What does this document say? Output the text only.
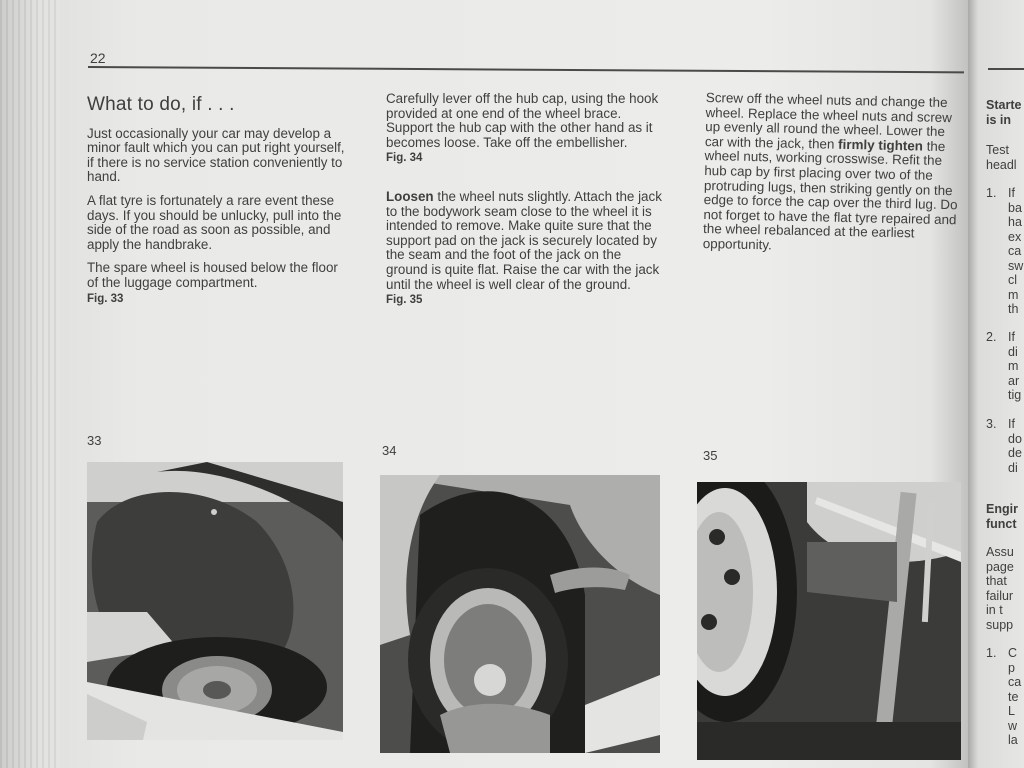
22
What to do, if . . .

Just occasionally your car may develop a minor fault which you can put right yourself, if there is no service station conveniently to hand.

A flat tyre is fortunately a rare event these days. If you should be unlucky, pull into the side of the road as soon as possible, and apply the handbrake.

The spare wheel is housed below the floor of the luggage compartment.

Fig. 33

Carefully lever off the hub cap, using the hook provided at one end of the wheel brace. Support the hub cap with the other hand as it becomes loose. Take off the embellisher.

Fig. 34

Loosen the wheel nuts slightly. Attach the jack to the bodywork seam close to the wheel it is intended to remove. Make quite sure that the support pad on the jack is securely located by the seam and the foot of the jack on the ground is quite flat. Raise the car with the jack until the wheel is well clear of the ground.

Fig. 35

Screw off the wheel nuts and change the wheel. Replace the wheel nuts and screw up evenly all round the wheel. Lower the car with the jack, then firmly tighten the wheel nuts, working crosswise. Refit the hub cap by first placing over two of the protruding lugs, then striking gently on the edge to force the cap over the third lug. Do not forget to have the flat tyre repaired and the wheel rebalanced at the earliest opportunity.

33
34	35
Starte
is in
Test
headl
1. If
ba
ha
ex
ca
sw
cl
m
th
2. If
di
m
ar
tig
3. If
do
de
di
Engir
funct
Assu
page
that
failur
in t
supp
1. C
p
ca
te
L
w
la
